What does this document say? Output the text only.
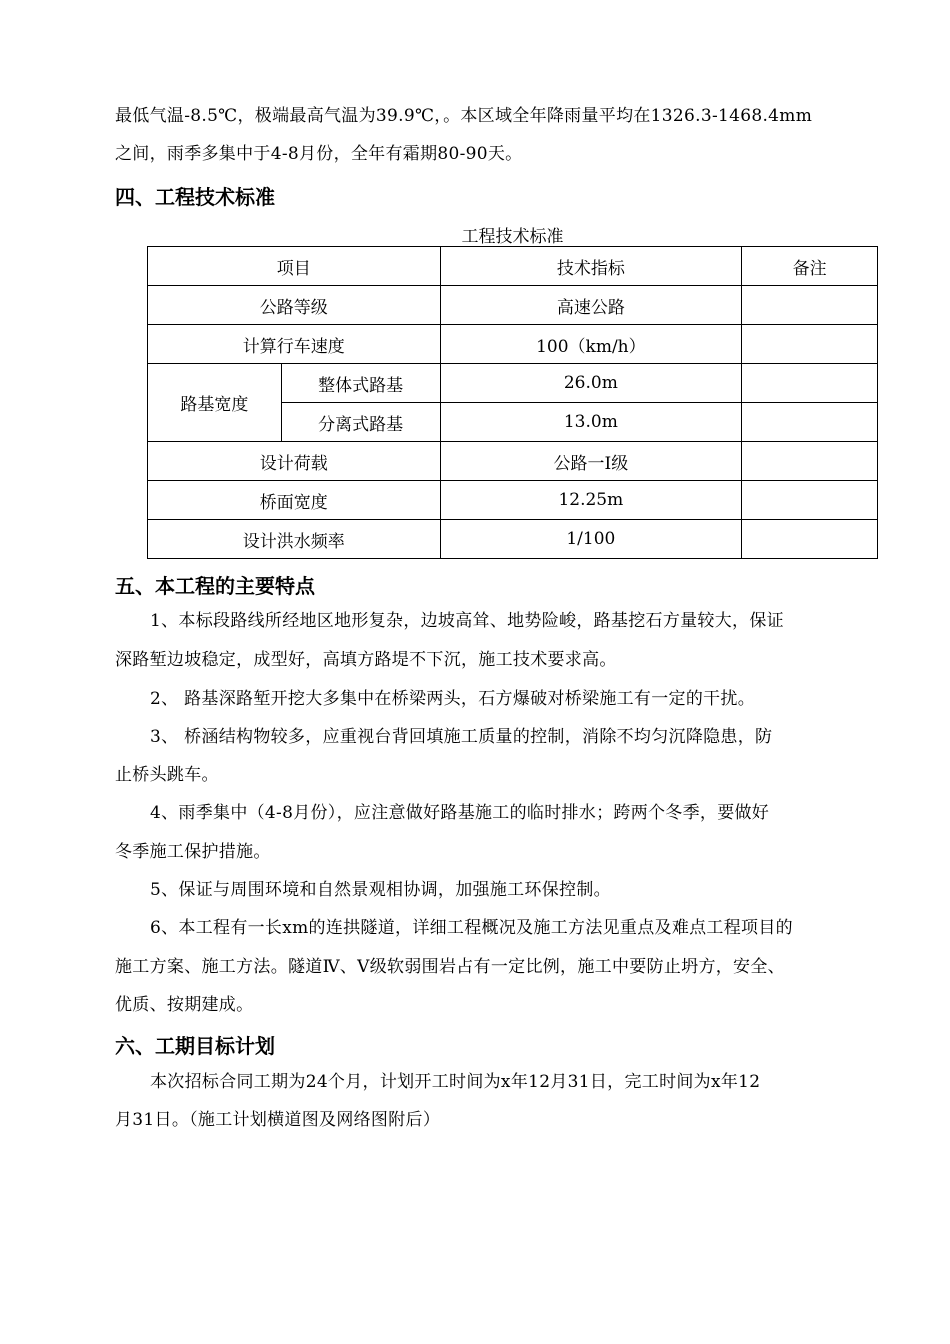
最低气温-8.5℃，极端最高气温为39.9℃，。本区域全年降雨量平均在1326.3-1468.4mm
之间，雨季多集中于4-8月份，全年有霜期80-90天。
四、工程技术标准
工程技术标准
项目		技术指标	备注
公路等级		高速公路	
计算行车速度		100（km/h）	
路基宽度	整体式路基	26.0m	
	分离式路基	13.0m	
设计荷载		公路一Ⅰ级	
桥面宽度		12.25m	
设计洪水频率		1/100	
五、本工程的主要特点
1、本标段路线所经地区地形复杂，边坡高耸、地势险峻，路基挖石方量较大，保证
深路堑边坡稳定，成型好，高填方路堤不下沉，施工技术要求高。
2、 路基深路堑开挖大多集中在桥梁两头，石方爆破对桥梁施工有一定的干扰。
3、 桥涵结构物较多，应重视台背回填施工质量的控制，消除不均匀沉降隐患，防
止桥头跳车。
4、雨季集中（4-8月份），应注意做好路基施工的临时排水；跨两个冬季，要做好
冬季施工保护措施。
5、保证与周围环境和自然景观相协调，加强施工环保控制。
6、本工程有一长xm的连拱隧道，详细工程概况及施工方法见重点及难点工程项目的
施工方案、施工方法。隧道Ⅳ、Ⅴ级软弱围岩占有一定比例，施工中要防止坍方，安全、
优质、按期建成。
六、工期目标计划
本次招标合同工期为24个月，计划开工时间为x年12月31日，完工时间为x年12
月31日。（施工计划横道图及网络图附后）
